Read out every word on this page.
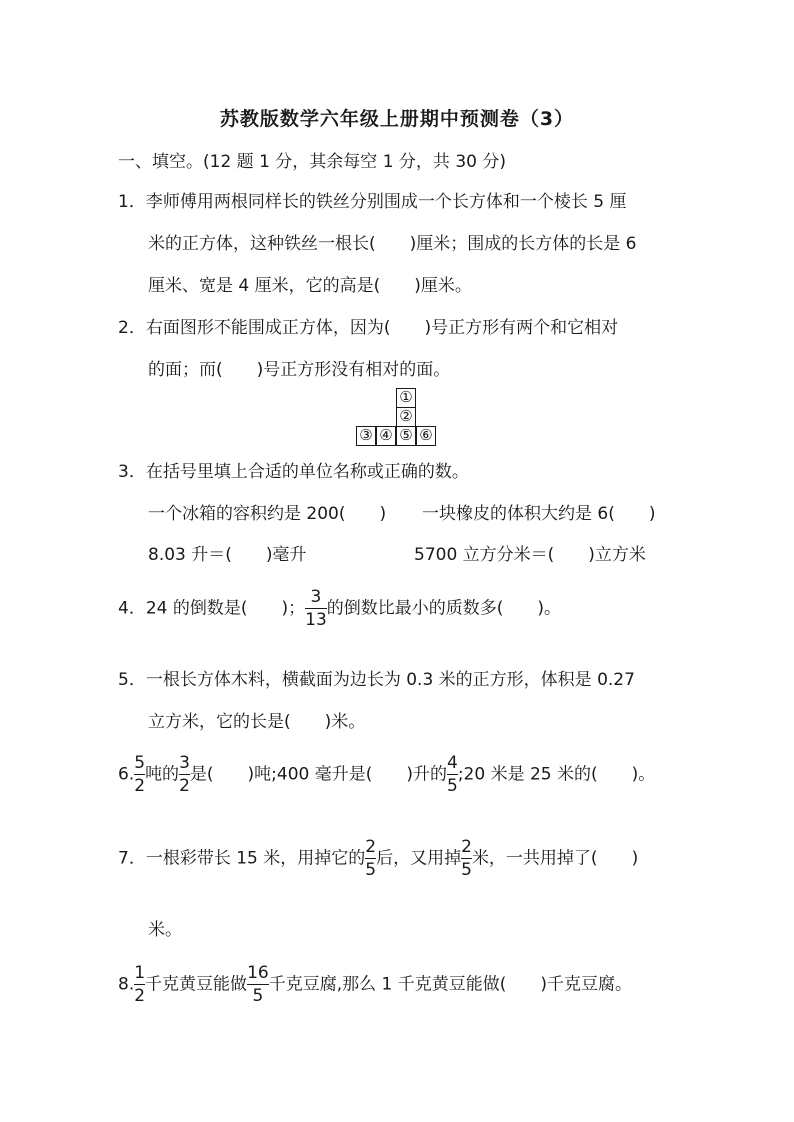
苏教版数学六年级上册期中预测卷（3）
一、填空。(12 题 1 分，其余每空 1 分，共 30 分)
1．李师傅用两根同样长的铁丝分别围成一个长方体和一个棱长 5 厘
米的正方体，这种铁丝一根长(　　)厘米；围成的长方体的长是 6
厘米、宽是 4 厘米，它的高是(　　)厘米。
2．右面图形不能围成正方体，因为(　　)号正方形有两个和它相对
的面；而(　　)号正方形没有相对的面。
①
②
③ ④ ⑤ ⑥
3．在括号里填上合适的单位名称或正确的数。
一个冰箱的容积约是 200(　　) 一块橡皮的体积大约是 6(　　)
8.03 升＝(　　)毫升	5700 立方分米＝(　　)立方米
4．24 的倒数是(　　)； $\frac{3}{13}$ 的倒数比最小的质数多(　　)。
5．一根长方体木料，横截面为边长为 0.3 米的正方形，体积是 0.27
立方米，它的长是(　　)米。
6. $\frac{5}{2}$ 吨的 $\frac{3}{2}$ 是(　　)吨;400 毫升是(　　)升的 $\frac{4}{5}$ ;20 米是 25 米的(　　)。
7．一根彩带长 15 米，用掉它的 $\frac{2}{5}$ 后，又用掉 $\frac{2}{5}$ 米，一共用掉了(　　)
米。
8. $\frac{1}{2}$ 千克黄豆能做 $\frac{16}{5}$ 千克豆腐,那么 1 千克黄豆能做(　　)千克豆腐。
